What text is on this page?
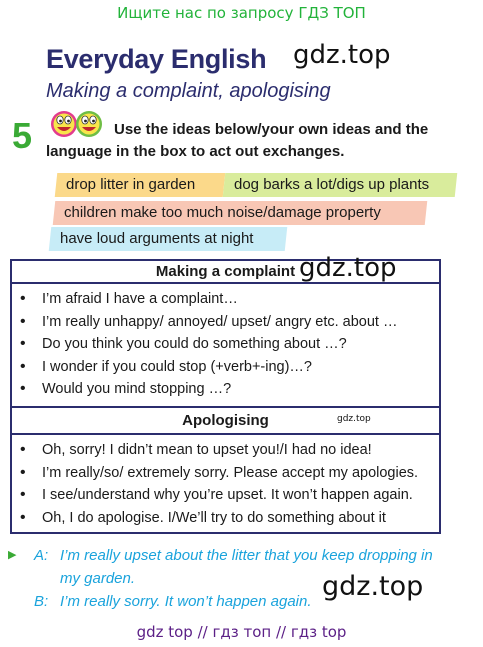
Ищите нас по запросу ГДЗ ТОП
Everyday English
Making a complaint, apologising
gdz.top
5	Use the ideas below/your own ideas and the language in the box to act out exchanges.

drop litter in garden	dog barks a lot/digs up plants
children make too much noise/damage property
have loud arguments at night
Making a complaint
• I’m afraid I have a complaint…
• I’m really unhappy/ annoyed/ upset/ angry etc. about …
• Do you think you could do something about …?
• I wonder if you could stop (+verb+-ing)…?
• Would you mind stopping …?
gdz.top
Apologising
• Oh, sorry! I didn’t mean to upset you!/I had no idea!
• I’m really/so/ extremely sorry. Please accept my apologies.
• I see/understand why you’re upset. It won’t happen again.
• Oh, I do apologise. I/We’ll try to do something about it
gdz.top
▶ A: I’m really upset about the litter that you keep dropping in
my garden.
B: I’m really sorry. It won’t happen again. gdz.top
gdz top // гдз топ // гдз top
